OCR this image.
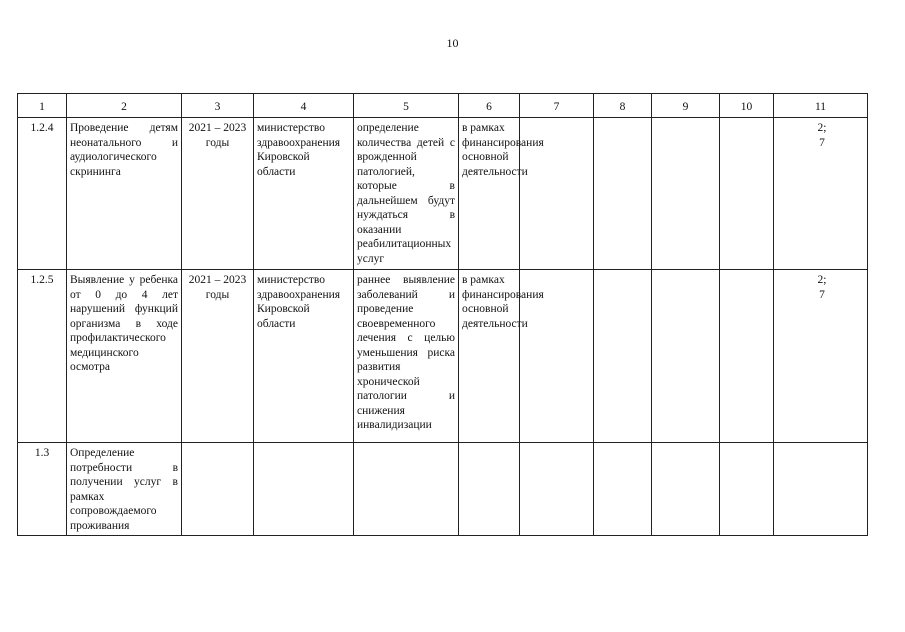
10
1	2	3	4	5	6	7	8	9	10	11
1.2.4	Проведение детям неонатального и аудиологического скрининга	2021 – 2023 годы	министерство здравоохранения Кировской области	определение количества детей с врожденной патологией, которые в дальнейшем будут нуждаться в оказании реабилитационных услуг	в рамках финансирования основной деятельности					2;
7

1.2.5	Выявление у ребенка от 0 до 4 лет нарушений функций организма в ходе профилактического медицинского осмотра	2021 – 2023 годы	министерство здравоохранения Кировской области	раннее выявление заболеваний и проведение своевременного лечения с целью уменьшения риска развития хронической патологии и снижения инвалидизации	в рамках финансирования основной деятельности					2;
7

1.3	Определение потребности в получении услуг в рамках сопровождаемого проживания									
